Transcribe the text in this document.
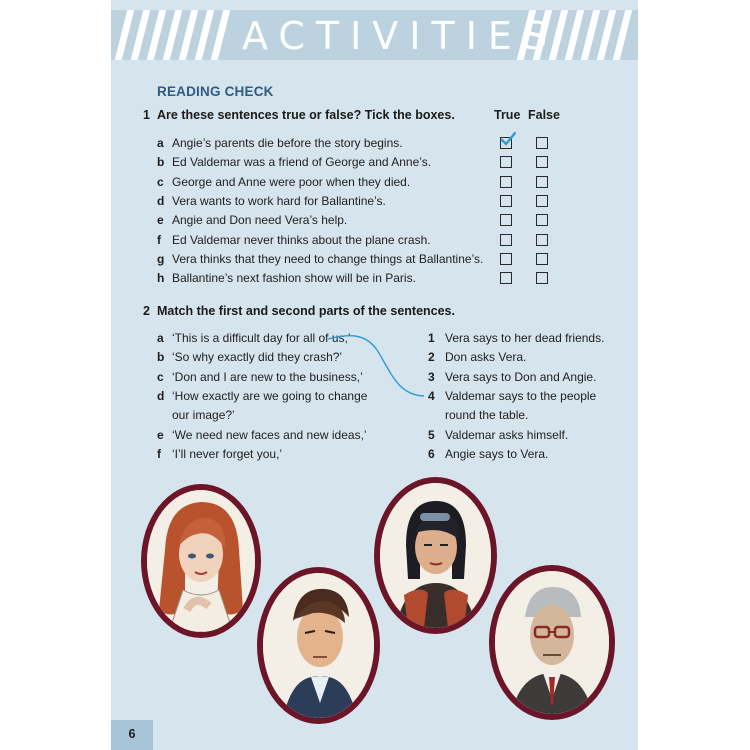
ACTIVITIES
READING CHECK
1 Are these sentences true or false? Tick the boxes.	True False
a Angie’s parents die before the story begins.
b Ed Valdemar was a friend of George and Anne’s.
c George and Anne were poor when they died.
d Vera wants to work hard for Ballantine’s.
e Angie and Don need Vera’s help.
f Ed Valdemar never thinks about the plane crash.
g Vera thinks that they need to change things at Ballantine’s.
h Ballantine’s next fashion show will be in Paris.
2 Match the first and second parts of the sentences.
a ‘This is a difficult day for all of us,’
b ‘So why exactly did they crash?’
c ‘Don and I are new to the business,’
d ‘How exactly are we going to change
our image?’
e ‘We need new faces and new ideas,’
f ‘I’ll never forget you,’
1 Vera says to her dead friends.
2 Don asks Vera.
3 Vera says to Don and Angie.
4 Valdemar says to the people
round the table.
5 Valdemar asks himself.
6 Angie says to Vera.
6
